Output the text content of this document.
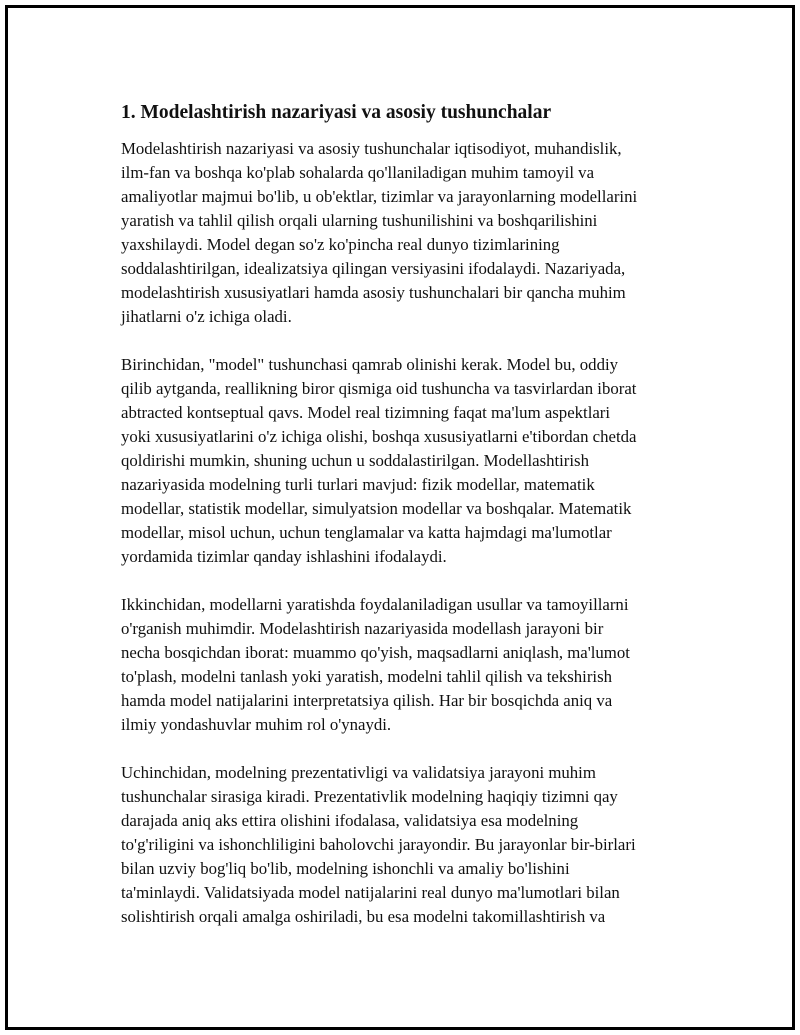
1. Modelashtirish nazariyasi va asosiy tushunchalar
Modelashtirish nazariyasi va asosiy tushunchalar iqtisodiyot, muhandislik,
ilm-fan va boshqa ko'plab sohalarda qo'llaniladigan muhim tamoyil va
amaliyotlar majmui bo'lib, u ob'ektlar, tizimlar va jarayonlarning modellarini
yaratish va tahlil qilish orqali ularning tushunilishini va boshqarilishini
yaxshilaydi. Model degan so'z ko'pincha real dunyo tizimlarining
soddalashtirilgan, idealizatsiya qilingan versiyasini ifodalaydi. Nazariyada,
modelashtirish xususiyatlari hamda asosiy tushunchalari bir qancha muhim
jihatlarni o'z ichiga oladi.
Birinchidan, "model" tushunchasi qamrab olinishi kerak. Model bu, oddiy
qilib aytganda, reallikning biror qismiga oid tushuncha va tasvirlardan iborat
abtracted kontseptual qavs. Model real tizimning faqat ma'lum aspektlari
yoki xususiyatlarini o'z ichiga olishi, boshqa xususiyatlarni e'tibordan chetda
qoldirishi mumkin, shuning uchun u soddalastirilgan. Modellashtirish
nazariyasida modelning turli turlari mavjud: fizik modellar, matematik
modellar, statistik modellar, simulyatsion modellar va boshqalar. Matematik
modellar, misol uchun, uchun tenglamalar va katta hajmdagi ma'lumotlar
yordamida tizimlar qanday ishlashini ifodalaydi.
Ikkinchidan, modellarni yaratishda foydalaniladigan usullar va tamoyillarni
o'rganish muhimdir. Modelashtirish nazariyasida modellash jarayoni bir
necha bosqichdan iborat: muammo qo'yish, maqsadlarni aniqlash, ma'lumot
to'plash, modelni tanlash yoki yaratish, modelni tahlil qilish va tekshirish
hamda model natijalarini interpretatsiya qilish. Har bir bosqichda aniq va
ilmiy yondashuvlar muhim rol o'ynaydi.
Uchinchidan, modelning prezentativligi va validatsiya jarayoni muhim
tushunchalar sirasiga kiradi. Prezentativlik modelning haqiqiy tizimni qay
darajada aniq aks ettira olishini ifodalasa, validatsiya esa modelning
to'g'riligini va ishonchliligini baholovchi jarayondir. Bu jarayonlar bir-birlari
bilan uzviy bog'liq bo'lib, modelning ishonchli va amaliy bo'lishini
ta'minlaydi. Validatsiyada model natijalarini real dunyo ma'lumotlari bilan
solishtirish orqali amalga oshiriladi, bu esa modelni takomillashtirish va
